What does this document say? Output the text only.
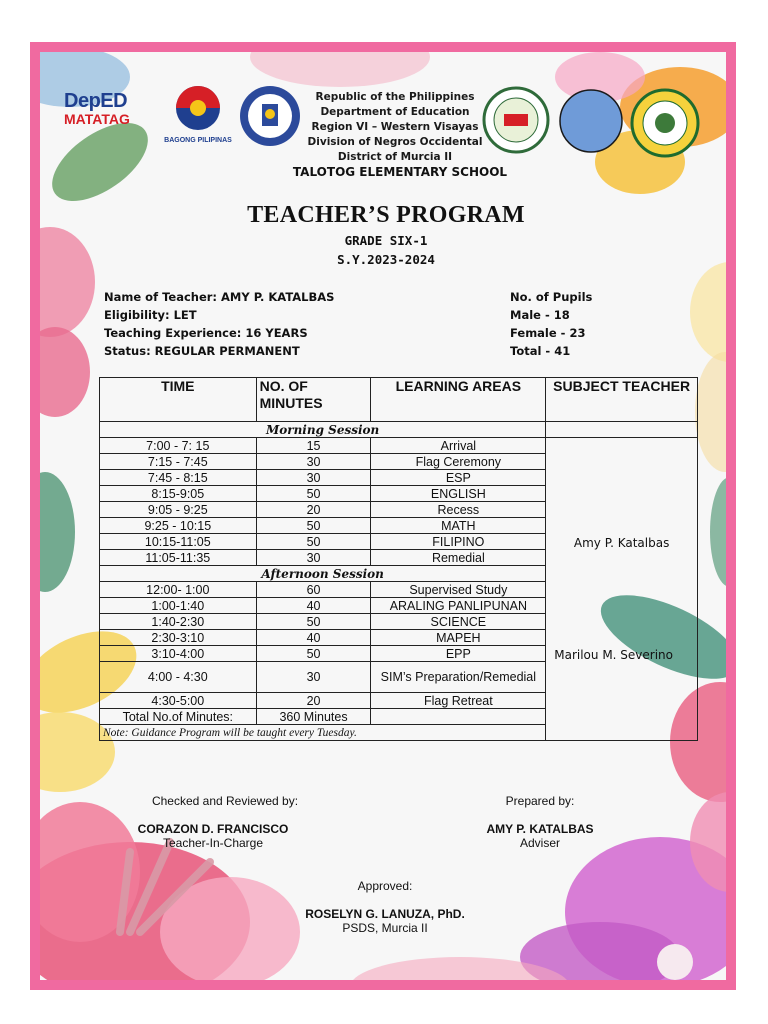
DepED
MATATAG
BAGONG PILIPINAS
Republic of the Philippines
Department of Education
Region VI – Western Visayas
Division of Negros Occidental
District of Murcia II
TALOTOG ELEMENTARY SCHOOL
TEACHER’S PROGRAM
GRADE SIX-1
S.Y.2023-2024
Name of Teacher: AMY P. KATALBAS
Eligibility: LET
Teaching Experience: 16 YEARS
Status: REGULAR PERMANENT
No. of Pupils
Male - 18
Female - 23
Total - 41
TIME	NO. OF MINUTES	LEARNING AREAS	SUBJECT TEACHER
Morning Session			
7:00 - 7: 15	15	Arrival	Amy P. Katalbas
Marilou M. Severino

7:15 - 7:45	30	Flag Ceremony	
7:45 - 8:15	30	ESP	
8:15-9:05	50	ENGLISH	
9:05 - 9:25	20	Recess	
9:25 - 10:15	50	MATH	
10:15-11:05	50	FILIPINO	
11:05-11:35	30	Remedial	
Afternoon Session			
12:00- 1:00	60	Supervised Study	
1:00-1:40	40	ARALING PANLIPUNAN	
1:40-2:30	50	SCIENCE	
2:30-3:10	40	MAPEH	
3:10-4:00	50	EPP	
4:00 - 4:30	30	SIM’s Preparation/Remedial	
4:30-5:00	20	Flag Retreat	
Total No.of Minutes:	360 Minutes		
Note: Guidance Program will be taught every Tuesday.			
Checked and Reviewed by:	Prepared by:
CORAZON D. FRANCISCO
Teacher-In-Charge
AMY P. KATALBAS
Adviser
Approved:
ROSELYN G. LANUZA, PhD.
PSDS, Murcia II
